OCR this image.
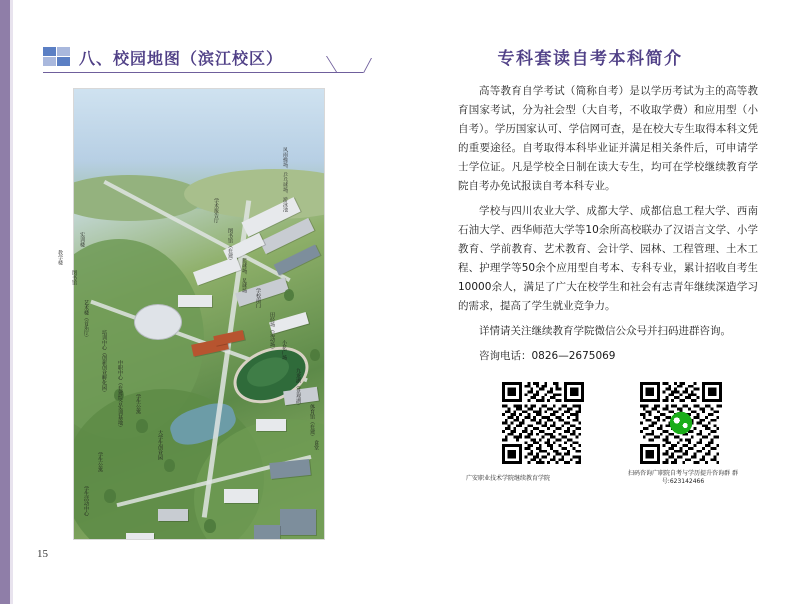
八、校园地图（滨江校区）
风雨操场、乒乓球场、游泳池
实训楼
教学楼
图书馆
艺术楼（音乐厅）
培训中心（创新创业孵化园） 中职中心（在建综合实训基地） 学生公寓
大学生创业园
学术报告厅
图书馆（在建）
篮球场、足球场
学校南门
田径场（运动场） 小花广场
九龙湖（景观湖）
体育馆（在建）
食堂
学生公寓
学生活动中心
15
专科套读自考本科简介

高等教育自学考试（简称自考）是以学历考试为主的高等教育国家考试，分为社会型（大自考，不收取学费）和应用型（小自考）。学历国家认可、学信网可查，是在校大专生取得本科文凭的重要途径。自考取得本科毕业证并满足相关条件后，可申请学士学位证。凡是学校全日制在读大专生，均可在学校继续教育学院自考办免试报读自考本科专业。

学校与四川农业大学、成都大学、成都信息工程大学、西南石油大学、西华师范大学等10余所高校联办了汉语言文学、小学教育、学前教育、艺术教育、会计学、园林、工程管理、土木工程、护理学等50余个应用型自考本、专科专业，累计招收自考生10000余人，满足了广大在校学生和社会有志青年继续深造学习的需求，提高了学生就业竞争力。

详情请关注继续教育学院微信公众号并扫码进群咨询。

咨询电话：0826—2675069

广安职业技术学院继续教育学院
扫码咨询广职院自考与学历提升咨询群 群号:623142466
